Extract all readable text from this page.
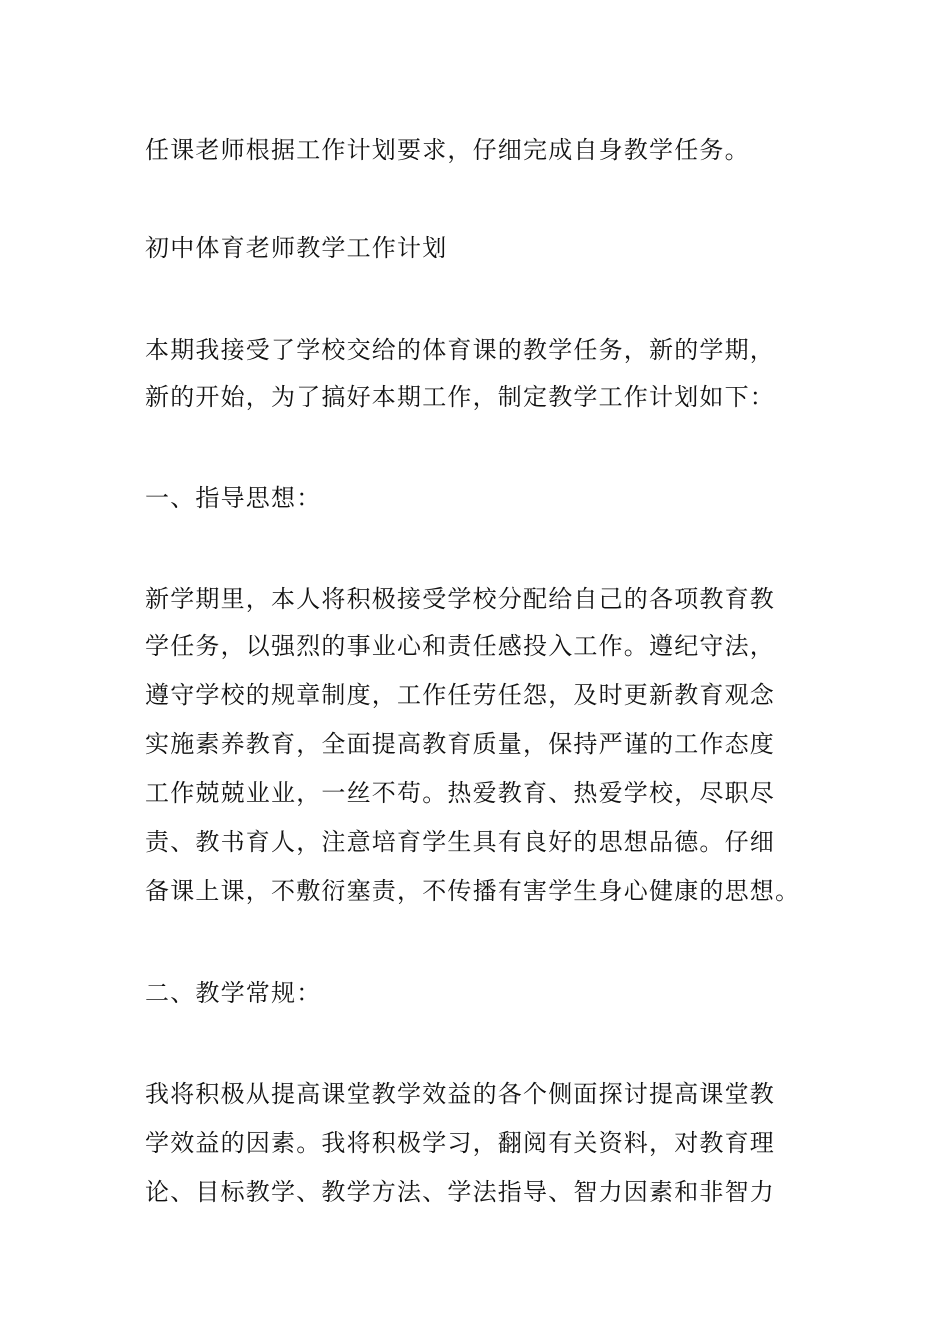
任课老师根据工作计划要求，仔细完成自身教学任务。
初中体育老师教学工作计划
本期我接受了学校交给的体育课的教学任务，新的学期，
新的开始，为了搞好本期工作，制定教学工作计划如下：
一、指导思想：
新学期里，本人将积极接受学校分配给自己的各项教育教
学任务，以强烈的事业心和责任感投入工作。遵纪守法，
遵守学校的规章制度，工作任劳任怨，及时更新教育观念
实施素养教育，全面提高教育质量，保持严谨的工作态度
工作兢兢业业，一丝不苟。热爱教育、热爱学校，尽职尽
责、教书育人，注意培育学生具有良好的思想品德。仔细
备课上课，不敷衍塞责，不传播有害学生身心健康的思想。
二、教学常规：
我将积极从提高课堂教学效益的各个侧面探讨提高课堂教
学效益的因素。我将积极学习，翻阅有关资料，对教育理
论、目标教学、教学方法、学法指导、智力因素和非智力
